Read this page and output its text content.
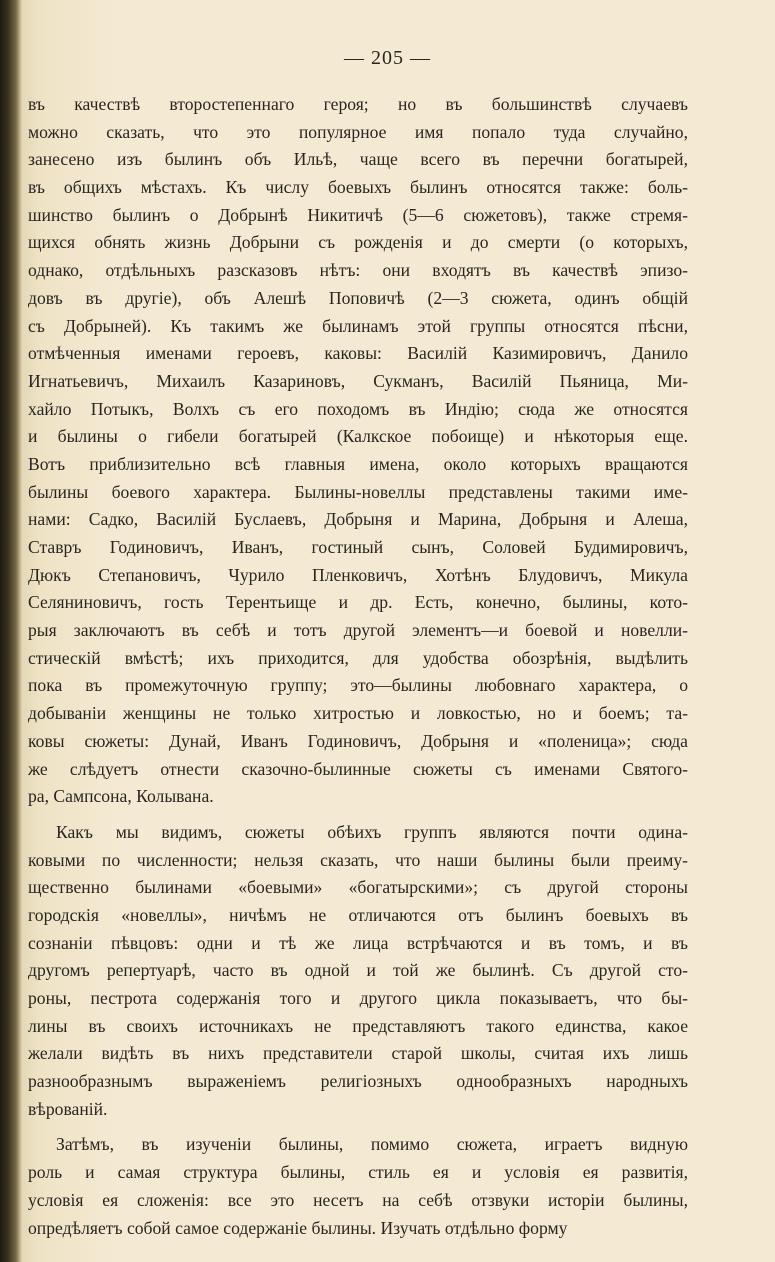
— 205 —
въ качествѣ второстепеннаго героя; но въ большинствѣ случаевъ
можно сказать, что это популярное имя попало туда случайно,
занесено изъ былинъ объ Ильѣ, чаще всего въ перечни богатырей,
въ общихъ мѣстахъ. Къ числу боевыхъ былинъ относятся также: боль-
шинство былинъ о Добрынѣ Никитичѣ (5—6 сюжетовъ), также стремя-
щихся обнять жизнь Добрыни съ рожденія и до смерти (о которыхъ,
однако, отдѣльныхъ разсказовъ нѣтъ: они входятъ въ качествѣ эпизо-
довъ въ другіе), объ Алешѣ Поповичѣ (2—3 сюжета, одинъ общій
съ Добрыней). Къ такимъ же былинамъ этой группы относятся пѣсни,
отмѣченныя именами героевъ, каковы: Василій Казимировичъ, Данило
Игнатьевичъ, Михаилъ Казариновъ, Сукманъ, Василій Пьяница, Ми-
хайло Потыкъ, Волхъ съ его походомъ въ Индію; сюда же относятся
и былины о гибели богатырей (Калкское побоище) и нѣкоторыя еще.
Вотъ приблизительно всѣ главныя имена, около которыхъ вращаются
былины боевого характера. Былины-новеллы представлены такими име-
нами: Садко, Василій Буслаевъ, Добрыня и Марина, Добрыня и Алеша,
Ставръ Годиновичъ, Иванъ, гостиный сынъ, Соловей Будимировичъ,
Дюкъ Степановичъ, Чурило Пленковичъ, Хотѣнъ Блудовичъ, Микула
Селяниновичъ, гость Терентьище и др. Есть, конечно, былины, кото-
рыя заключаютъ въ себѣ и тотъ другой элементъ—и боевой и новелли-
стическій вмѣстѣ; ихъ приходится, для удобства обозрѣнія, выдѣлить
пока въ промежуточную группу; это—былины любовнаго характера, о
добываніи женщины не только хитростью и ловкостью, но и боемъ; та-
ковы сюжеты: Дунай, Иванъ Годиновичъ, Добрыня и «поленица»; сюда
же слѣдуетъ отнести сказочно-былинные сюжеты съ именами Святого-
ра, Сампсона, Колывана.
Какъ мы видимъ, сюжеты обѣихъ группъ являются почти одина-
ковыми по численности; нельзя сказать, что наши былины были преиму-
щественно былинами «боевыми» «богатырскими»; съ другой стороны
городскія «новеллы», ничѣмъ не отличаются отъ былинъ боевыхъ въ
сознаніи пѣвцовъ: одни и тѣ же лица встрѣчаются и въ томъ, и въ
другомъ репертуарѣ, часто въ одной и той же былинѣ. Съ другой сто-
роны, пестрота содержанія того и другого цикла показываетъ, что бы-
лины въ своихъ источникахъ не представляютъ такого единства, какое
желали видѣть въ нихъ представители старой школы, считая ихъ лишь
разнообразнымъ выраженіемъ религіозныхъ однообразныхъ народныхъ
вѣрованій.
Затѣмъ, въ изученіи былины, помимо сюжета, играетъ видную
роль и самая структура былины, стиль ея и условія ея развитія,
условія ея сложенія: все это несетъ на себѣ отзвуки исторіи былины,
опредѣляетъ собой самое содержаніе былины. Изучать отдѣльно форму
